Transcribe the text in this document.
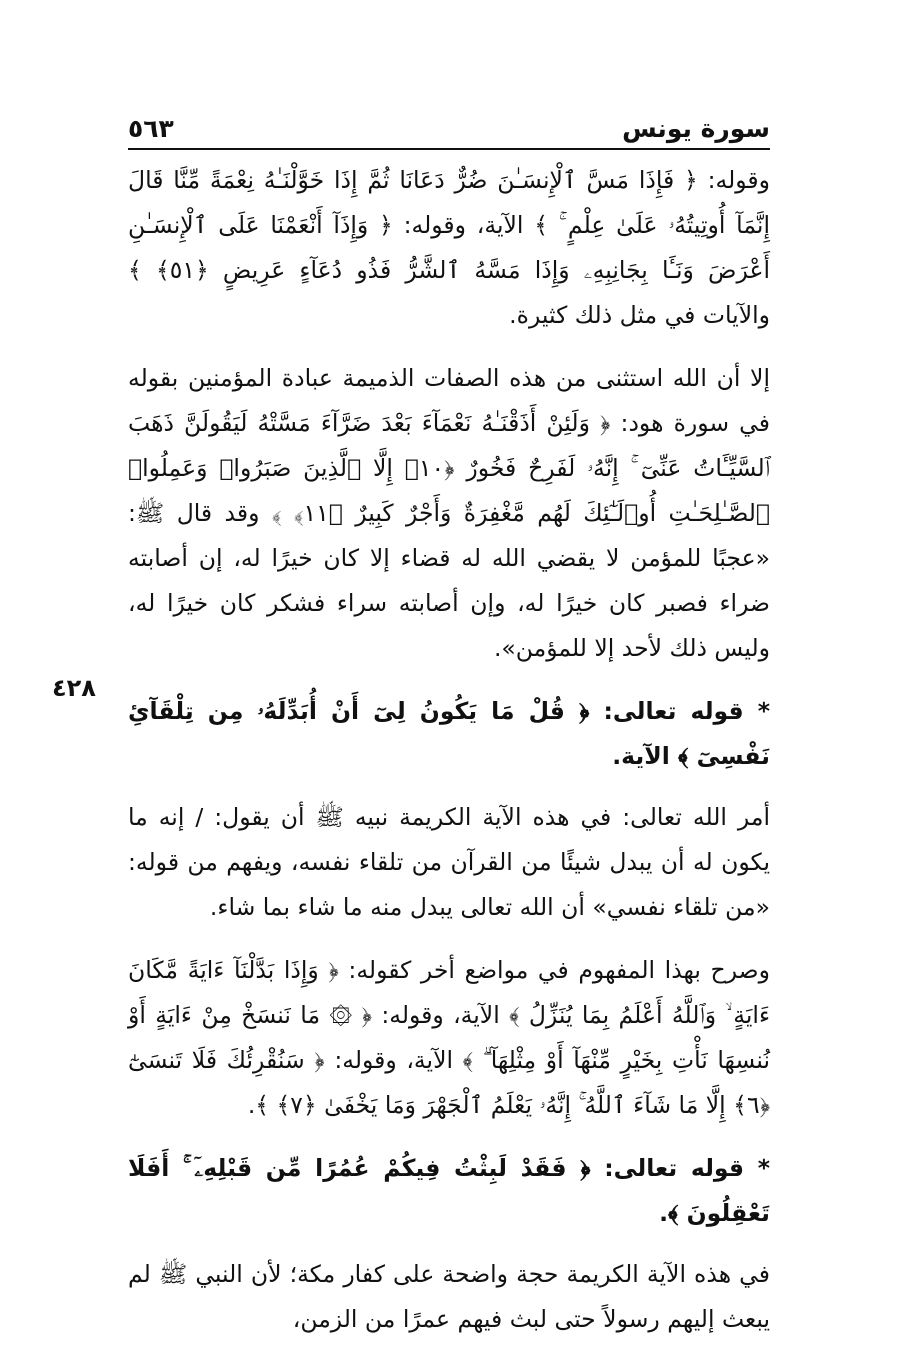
سورة يونس
٥٦٣
٤٢٨

وقوله: ﴿ فَإِذَا مَسَّ ٱلْإِنسَـٰنَ ضُرٌّ دَعَانَا ثُمَّ إِذَا خَوَّلْنَـٰهُ نِعْمَةً مِّنَّا قَالَ إِنَّمَآ أُوتِيتُهُۥ عَلَىٰ عِلْمٍ ۚ ﴾ الآية، وقوله: ﴿ وَإِذَآ أَنْعَمْنَا عَلَى ٱلْإِنسَـٰنِ أَعْرَضَ وَنَـَٔا بِجَانِبِهِۦ وَإِذَا مَسَّهُ ٱلشَّرُّ فَذُو دُعَآءٍ عَرِيضٍ ﴿٥١﴾ ﴾ والآيات في مثل ذلك كثيرة.

إلا أن الله استثنى من هذه الصفات الذميمة عبادة المؤمنين بقوله في سورة هود: ﴿ وَلَئِنْ أَذَقْنَـٰهُ نَعْمَآءَ بَعْدَ ضَرَّآءَ مَسَّتْهُ لَيَقُولَنَّ ذَهَبَ ٱلسَّيِّـَٔاتُ عَنِّىٓ ۚ إِنَّهُۥ لَفَرِحٌ فَخُورٌ ﴿١٠﴾ إِلَّا ٱلَّذِينَ صَبَرُوا۟ وَعَمِلُوا۟ ٱلصَّـٰلِحَـٰتِ أُو۟لَـٰٓئِكَ لَهُم مَّغْفِرَةٌ وَأَجْرٌ كَبِيرٌ ﴿١١﴾ ﴾ وقد قال ﷺ: «عجبًا للمؤمن لا يقضي الله له قضاء إلا كان خيرًا له، إن أصابته ضراء فصبر كان خيرًا له، وإن أصابته سراء فشكر كان خيرًا له، وليس ذلك لأحد إلا للمؤمن».

* قوله تعالى: ﴿ قُلْ مَا يَكُونُ لِىٓ أَنْ أُبَدِّلَهُۥ مِن تِلْقَآئِ نَفْسِىٓ ﴾ الآية.

أمر الله تعالى: في هذه الآية الكريمة نبيه ﷺ أن يقول: / إنه ما يكون له أن يبدل شيئًا من القرآن من تلقاء نفسه، ويفهم من قوله: «من تلقاء نفسي» أن الله تعالى يبدل منه ما شاء بما شاء.

وصرح بهذا المفهوم في مواضع أخر كقوله: ﴿ وَإِذَا بَدَّلْنَآ ءَايَةً مَّكَانَ ءَايَةٍ ۙ وَٱللَّهُ أَعْلَمُ بِمَا يُنَزِّلُ ﴾ الآية، وقوله: ﴿ ۞ مَا نَنسَخْ مِنْ ءَايَةٍ أَوْ نُنسِهَا نَأْتِ بِخَيْرٍ مِّنْهَآ أَوْ مِثْلِهَآ ۗ ﴾ الآية، وقوله: ﴿ سَنُقْرِئُكَ فَلَا تَنسَىٰٓ ﴿٦﴾ إِلَّا مَا شَآءَ ٱللَّهُ ۚ إِنَّهُۥ يَعْلَمُ ٱلْجَهْرَ وَمَا يَخْفَىٰ ﴿٧﴾ ﴾.

* قوله تعالى: ﴿ فَقَدْ لَبِثْتُ فِيكُمْ عُمُرًا مِّن قَبْلِهِۦٓ ۚ أَفَلَا تَعْقِلُونَ ﴾.

في هذه الآية الكريمة حجة واضحة على كفار مكة؛ لأن النبي ﷺ لم يبعث إليهم رسولاً حتى لبث فيهم عمرًا من الزمن،
